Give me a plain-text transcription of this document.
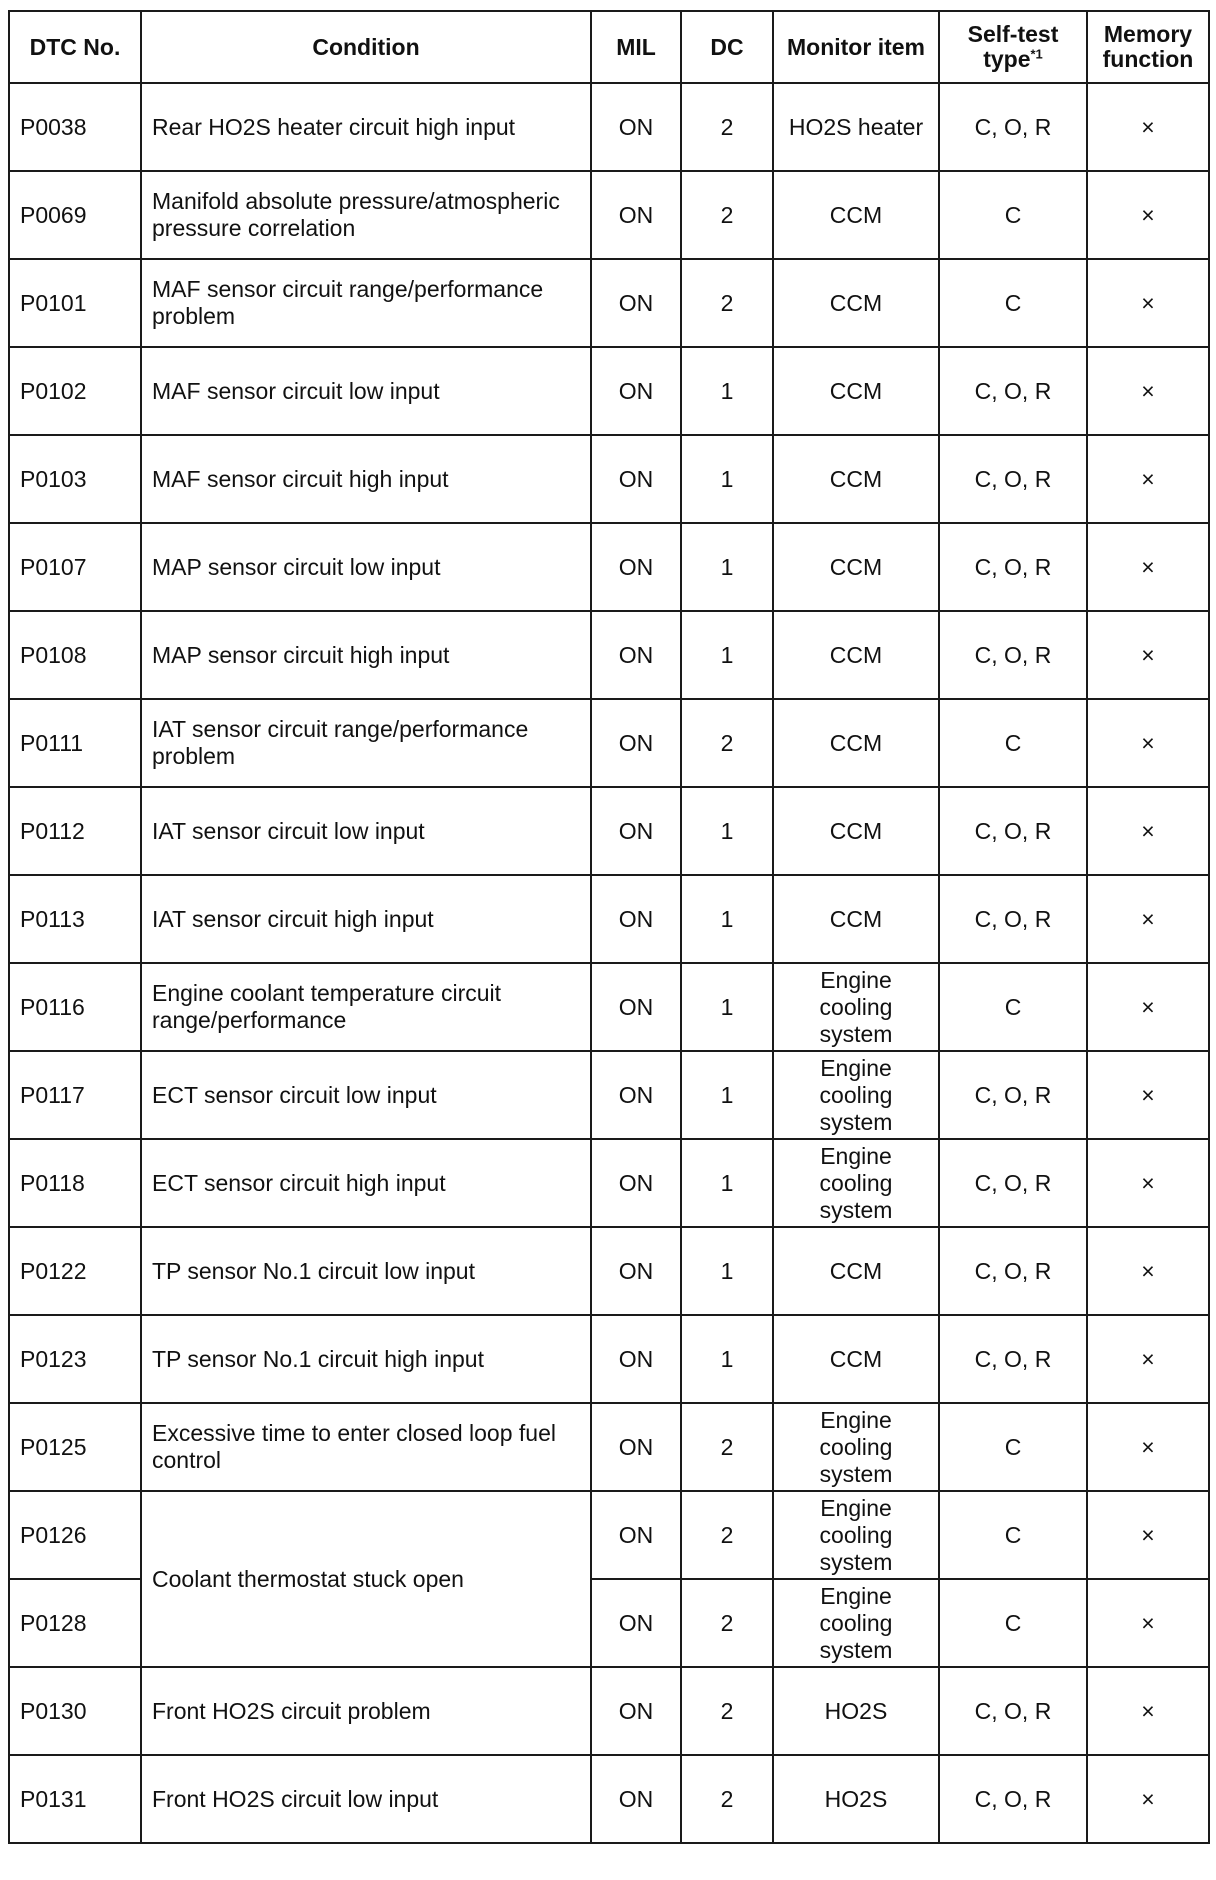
DTC No.	Condition	MIL	DC	Monitor item	Self-test type$^{*1}$	Memory function
P0038	Rear HO2S heater circuit high input	ON	2	HO2S heater	C, O, R	×
P0069	Manifold absolute pressure/atmospheric pressure correlation	ON	2	CCM	C	×
P0101	MAF sensor circuit range/performance problem	ON	2	CCM	C	×
P0102	MAF sensor circuit low input	ON	1	CCM	C, O, R	×
P0103	MAF sensor circuit high input	ON	1	CCM	C, O, R	×
P0107	MAP sensor circuit low input	ON	1	CCM	C, O, R	×
P0108	MAP sensor circuit high input	ON	1	CCM	C, O, R	×
P0111	IAT sensor circuit range/performance problem	ON	2	CCM	C	×
P0112	IAT sensor circuit low input	ON	1	CCM	C, O, R	×
P0113	IAT sensor circuit high input	ON	1	CCM	C, O, R	×
P0116	Engine coolant temperature circuit range/performance	ON	1	Engine cooling system	C	×
P0117	ECT sensor circuit low input	ON	1	Engine cooling system	C, O, R	×
P0118	ECT sensor circuit high input	ON	1	Engine cooling system	C, O, R	×
P0122	TP sensor No.1 circuit low input	ON	1	CCM	C, O, R	×
P0123	TP sensor No.1 circuit high input	ON	1	CCM	C, O, R	×
P0125	Excessive time to enter closed loop fuel control	ON	2	Engine cooling system	C	×
P0126	Coolant thermostat stuck open	ON	2	Engine cooling system	C	×
P0128		ON	2	Engine cooling system	C	×
P0130	Front HO2S circuit problem	ON	2	HO2S	C, O, R	×
P0131	Front HO2S circuit low input	ON	2	HO2S	C, O, R	×
